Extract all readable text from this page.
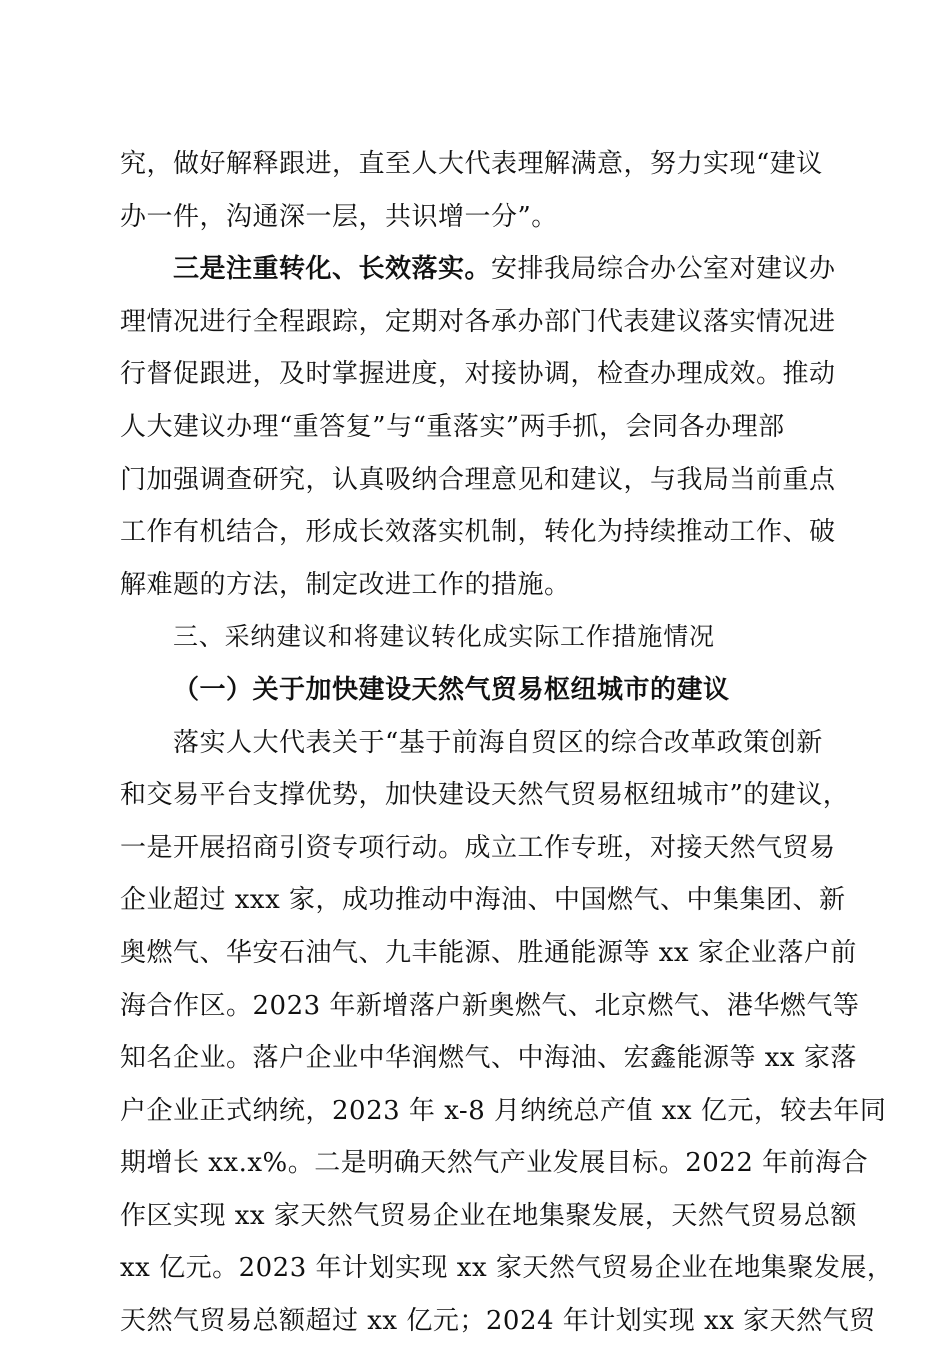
究，做好解释跟进，直至人大代表理解满意，努力实现“建议
办一件，沟通深一层，共识增一分”。
三是注重转化、长效落实。安排我局综合办公室对建议办
理情况进行全程跟踪，定期对各承办部门代表建议落实情况进
行督促跟进，及时掌握进度，对接协调，检查办理成效。推动
人大建议办理“重答复”与“重落实”两手抓，会同各办理部
门加强调查研究，认真吸纳合理意见和建议，与我局当前重点
工作有机结合，形成长效落实机制，转化为持续推动工作、破
解难题的方法，制定改进工作的措施。
三、采纳建议和将建议转化成实际工作措施情况
（一）关于加快建设天然气贸易枢纽城市的建议
落实人大代表关于“基于前海自贸区的综合改革政策创新
和交易平台支撑优势，加快建设天然气贸易枢纽城市”的建议，
一是开展招商引资专项行动。成立工作专班，对接天然气贸易
企业超过 xxx 家，成功推动中海油、中国燃气、中集集团、新
奥燃气、华安石油气、九丰能源、胜通能源等 xx 家企业落户前
海合作区。2023 年新增落户新奥燃气、北京燃气、港华燃气等
知名企业。落户企业中华润燃气、中海油、宏鑫能源等 xx 家落
户企业正式纳统，2023 年 x-8 月纳统总产值 xx 亿元，较去年同
期增长 xx.x%。二是明确天然气产业发展目标。2022 年前海合
作区实现 xx 家天然气贸易企业在地集聚发展，天然气贸易总额
xx 亿元。2023 年计划实现 xx 家天然气贸易企业在地集聚发展，
天然气贸易总额超过 xx 亿元；2024 年计划实现 xx 家天然气贸
